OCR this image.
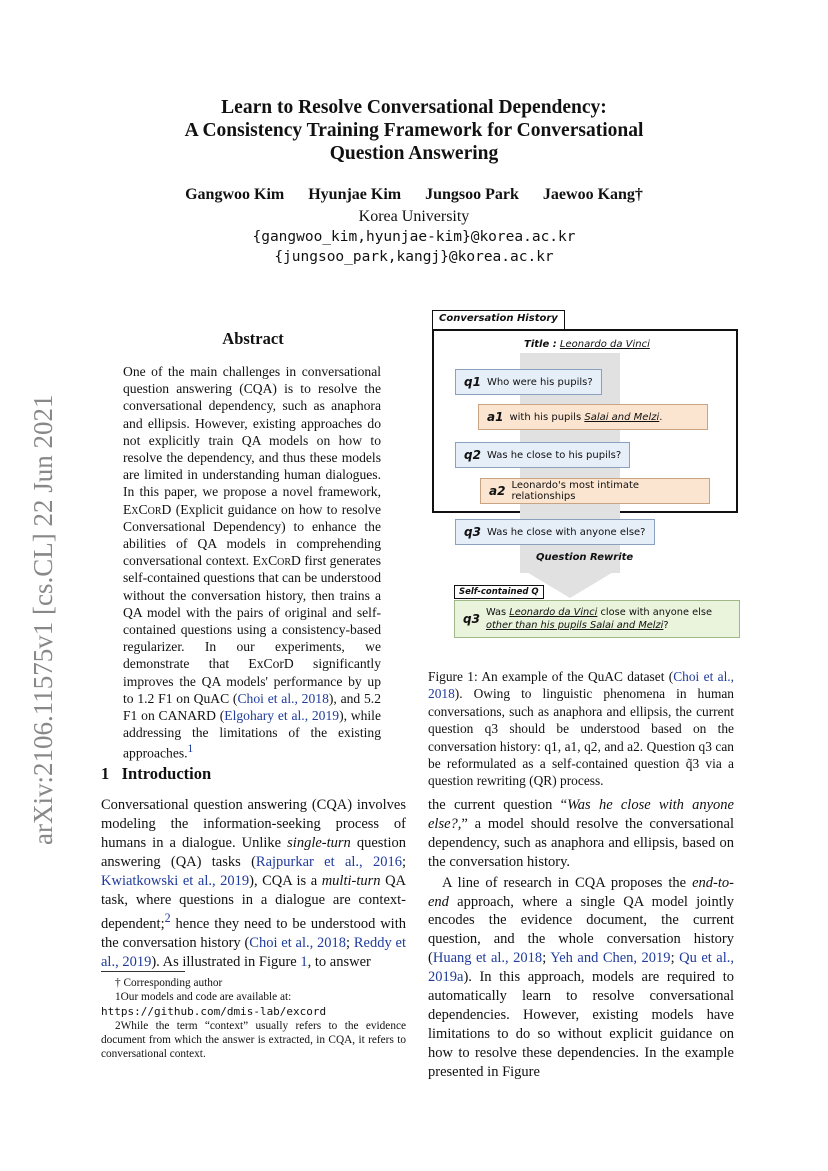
Learn to Resolve Conversational Dependency:
A Consistency Training Framework for Conversational
Question Answering
Gangwoo Kim Hyunjae Kim Jungsoo Park Jaewoo Kang†
Korea University
{gangwoo_kim,hyunjae-kim}@korea.ac.kr
{jungsoo_park,kangj}@korea.ac.kr
arXiv:2106.11575v1 [cs.CL] 22 Jun 2021
Abstract
One of the main challenges in conversational question answering (CQA) is to resolve the conversational dependency, such as anaphora and ellipsis. However, existing approaches do not explicitly train QA models on how to resolve the dependency, and thus these models are limited in understanding human dialogues. In this paper, we propose a novel framework, ExCorD (Explicit guidance on how to resolve Conversational Dependency) to enhance the abilities of QA models in comprehending conversational context. ExCorD first generates self-contained questions that can be understood without the conversation history, then trains a QA model with the pairs of original and self-contained questions using a consistency-based regularizer. In our experiments, we demonstrate that ExCorD significantly improves the QA models' performance by up to 1.2 F1 on QuAC (Choi et al., 2018), and 5.2 F1 on CANARD (Elgohary et al., 2019), while addressing the limitations of the existing approaches.$^1$
1   Introduction
Conversational question answering (CQA) involves modeling the information-seeking process of humans in a dialogue. Unlike single-turn question answering (QA) tasks (Rajpurkar et al., 2016; Kwiatkowski et al., 2019), CQA is a multi-turn QA task, where questions in a dialogue are context-dependent;$^2$ hence they need to be understood with the conversation history (Choi et al., 2018; Reddy et al., 2019). As illustrated in Figure 1, to answer
† Corresponding author
1Our models and code are available at:
https://github.com/dmis-lab/excord
2While the term “context” usually refers to the evidence document from which the answer is extracted, in CQA, it refers to conversational context.
Conversation History
Title : Leonardo da Vinci
q1 Who were his pupils?
a1 with his pupils Salai and Melzi.
q2 Was he close to his pupils?
a2 Leonardo's most intimate relationships
q3 Was he close with anyone else?
Question Rewrite
Self-contained Q
q3 Was Leonardo da Vinci close with anyone else
other than his pupils Salai and Melzi?
Figure 1: An example of the QuAC dataset (Choi et al., 2018). Owing to linguistic phenomena in human conversations, such as anaphora and ellipsis, the current question q3 should be understood based on the conversation history: q1, a1, q2, and a2. Question q3 can be reformulated as a self-contained question q̃3 via a question rewriting (QR) process.
the current question “Was he close with anyone else?,” a model should resolve the conversational dependency, such as anaphora and ellipsis, based on the conversation history.
A line of research in CQA proposes the end-to-end approach, where a single QA model jointly encodes the evidence document, the current question, and the whole conversation history (Huang et al., 2018; Yeh and Chen, 2019; Qu et al., 2019a). In this approach, models are required to automatically learn to resolve conversational dependencies. However, existing models have limitations to do so without explicit guidance on how to resolve these dependencies. In the example presented in Figure
